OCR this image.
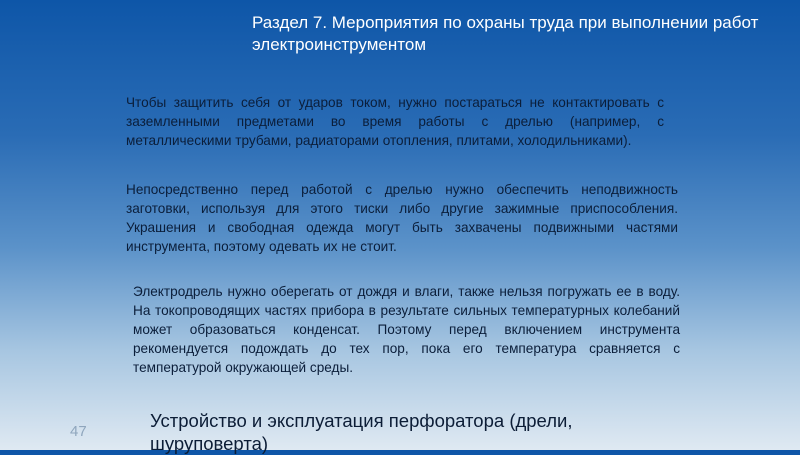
Раздел 7. Мероприятия по охраны труда при выполнении работ электроинструментом

Чтобы защитить себя от ударов током, нужно постараться не контактировать с заземленными предметами во время работы с дрелью (например, с металлическими трубами, радиаторами отопления, плитами, холодильниками).

Непосредственно перед работой с дрелью нужно обеспечить неподвижность заготовки, используя для этого тиски либо другие зажимные приспособления. Украшения и свободная одежда могут быть захвачены подвижными частями инструмента, поэтому одевать их не стоит.

Электродрель нужно оберегать от дождя и влаги, также нельзя погружать ее в воду. На токопроводящих частях прибора в результате сильных температурных колебаний может образоваться конденсат. Поэтому перед включением инструмента рекомендуется подождать до тех пор, пока его температура сравняется с температурой окружающей среды.

Устройство и эксплуатация перфоратора (дрели, шуруповерта)
47
